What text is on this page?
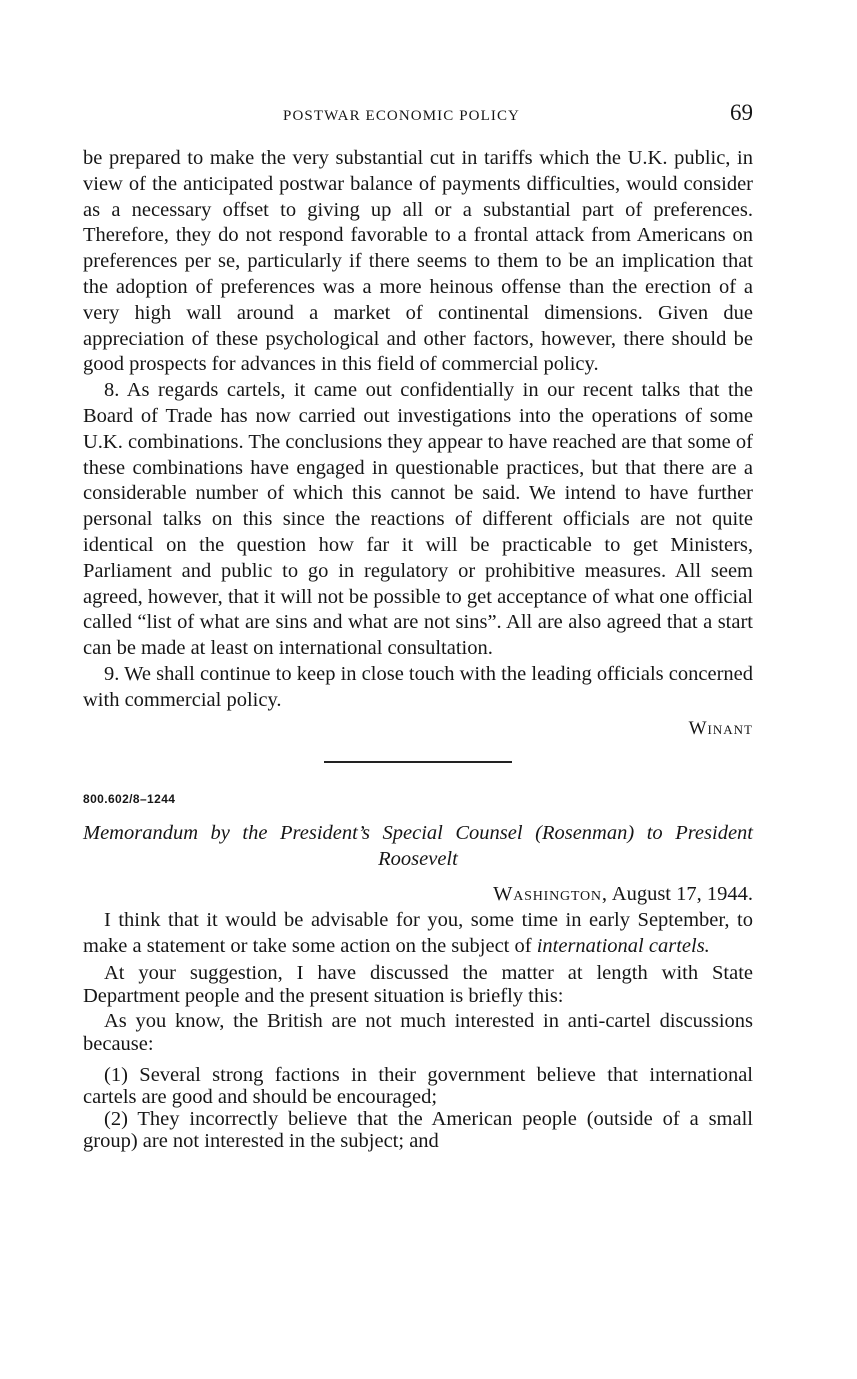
POSTWAR ECONOMIC POLICY	69

be prepared to make the very substantial cut in tariffs which the U.K. public, in view of the anticipated postwar balance of payments difficulties, would consider as a necessary offset to giving up all or a substantial part of preferences. Therefore, they do not respond favorable to a frontal attack from Americans on preferences per se, particularly if there seems to them to be an implication that the adoption of preferences was a more heinous offense than the erection of a very high wall around a market of continental dimensions. Given due appreciation of these psychological and other factors, however, there should be good prospects for advances in this field of commercial policy.

8. As regards cartels, it came out confidentially in our recent talks that the Board of Trade has now carried out investigations into the operations of some U.K. combinations. The conclusions they appear to have reached are that some of these combinations have engaged in questionable practices, but that there are a considerable number of which this cannot be said. We intend to have further personal talks on this since the reactions of different officials are not quite identical on the question how far it will be practicable to get Ministers, Parliament and public to go in regulatory or prohibitive measures. All seem agreed, however, that it will not be possible to get acceptance of what one official called “list of what are sins and what are not sins”. All are also agreed that a start can be made at least on international consultation.

9. We shall continue to keep in close touch with the leading officials concerned with commercial policy.

Winant

800.602/8–1244

Memorandum by the President’s Special Counsel (Rosenman) to President Roosevelt

Washington, August 17, 1944.

I think that it would be advisable for you, some time in early September, to make a statement or take some action on the subject of international cartels.

At your suggestion, I have discussed the matter at length with State Department people and the present situation is briefly this:

As you know, the British are not much interested in anti-cartel discussions because:

(1) Several strong factions in their government believe that international cartels are good and should be encouraged;

(2) They incorrectly believe that the American people (outside of a small group) are not interested in the subject; and
